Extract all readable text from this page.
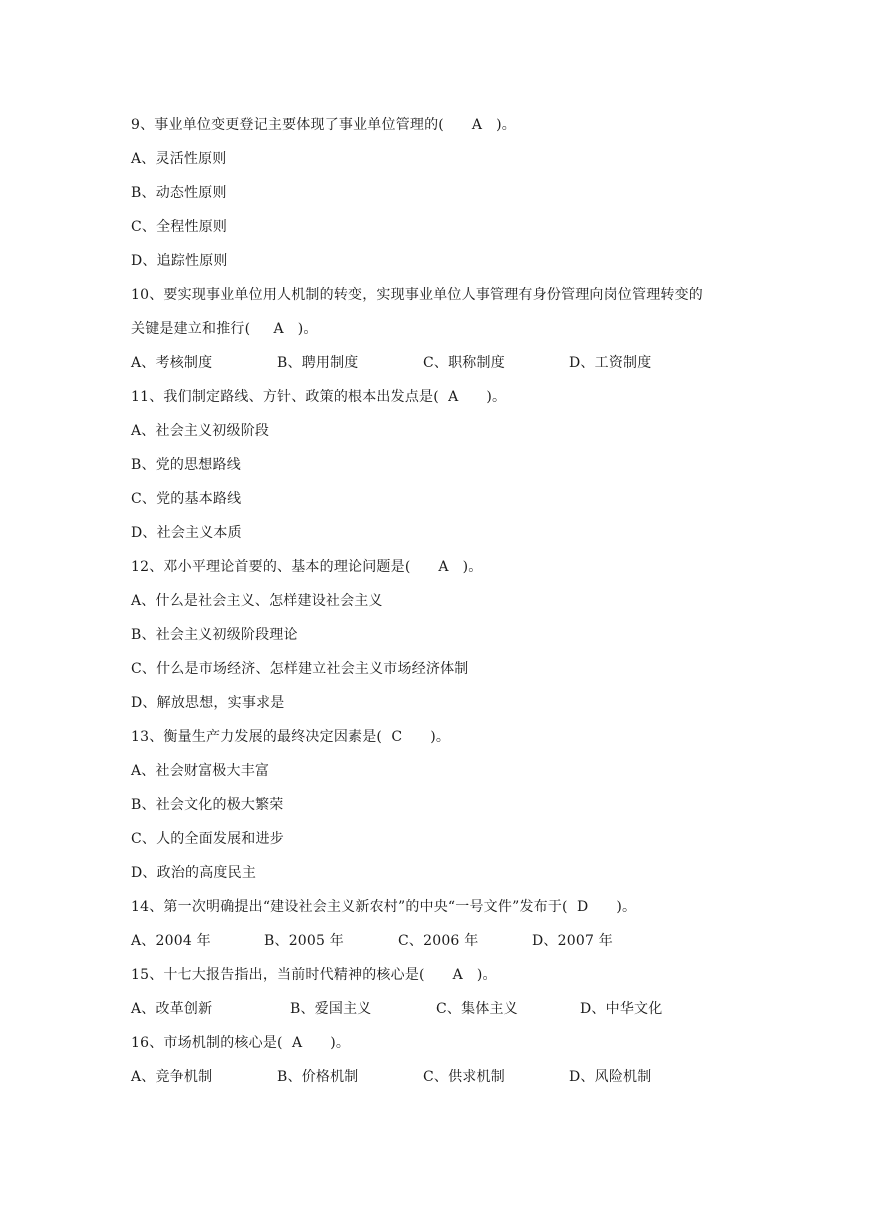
9、事业单位变更登记主要体现了事业单位管理的(      A   )。
A、灵活性原则
B、动态性原则
C、全程性原则
D、追踪性原则
10、要实现事业单位用人机制的转变，实现事业单位人事管理有身份管理向岗位管理转变的
关键是建立和推行(     A   )。
A、考核制度	B、聘用制度	C、职称制度	D、工资制度
11、我们制定路线、方针、政策的根本出发点是(  A      )。
A、社会主义初级阶段
B、党的思想路线
C、党的基本路线
D、社会主义本质
12、邓小平理论首要的、基本的理论问题是(      A   )。
A、什么是社会主义、怎样建设社会主义
B、社会主义初级阶段理论
C、什么是市场经济、怎样建立社会主义市场经济体制
D、解放思想，实事求是
13、衡量生产力发展的最终决定因素是(  C      )。
A、社会财富极大丰富
B、社会文化的极大繁荣
C、人的全面发展和进步
D、政治的高度民主
14、第一次明确提出“建设社会主义新农村”的中央“一号文件”发布于(  D      )。
A、2004 年	B、2005 年	C、2006 年	D、2007 年
15、十七大报告指出，当前时代精神的核心是(      A   )。
A、改革创新	B、爱国主义	C、集体主义	D、中华文化
16、市场机制的核心是(  A      )。
A、竞争机制	B、价格机制	C、供求机制	D、风险机制
